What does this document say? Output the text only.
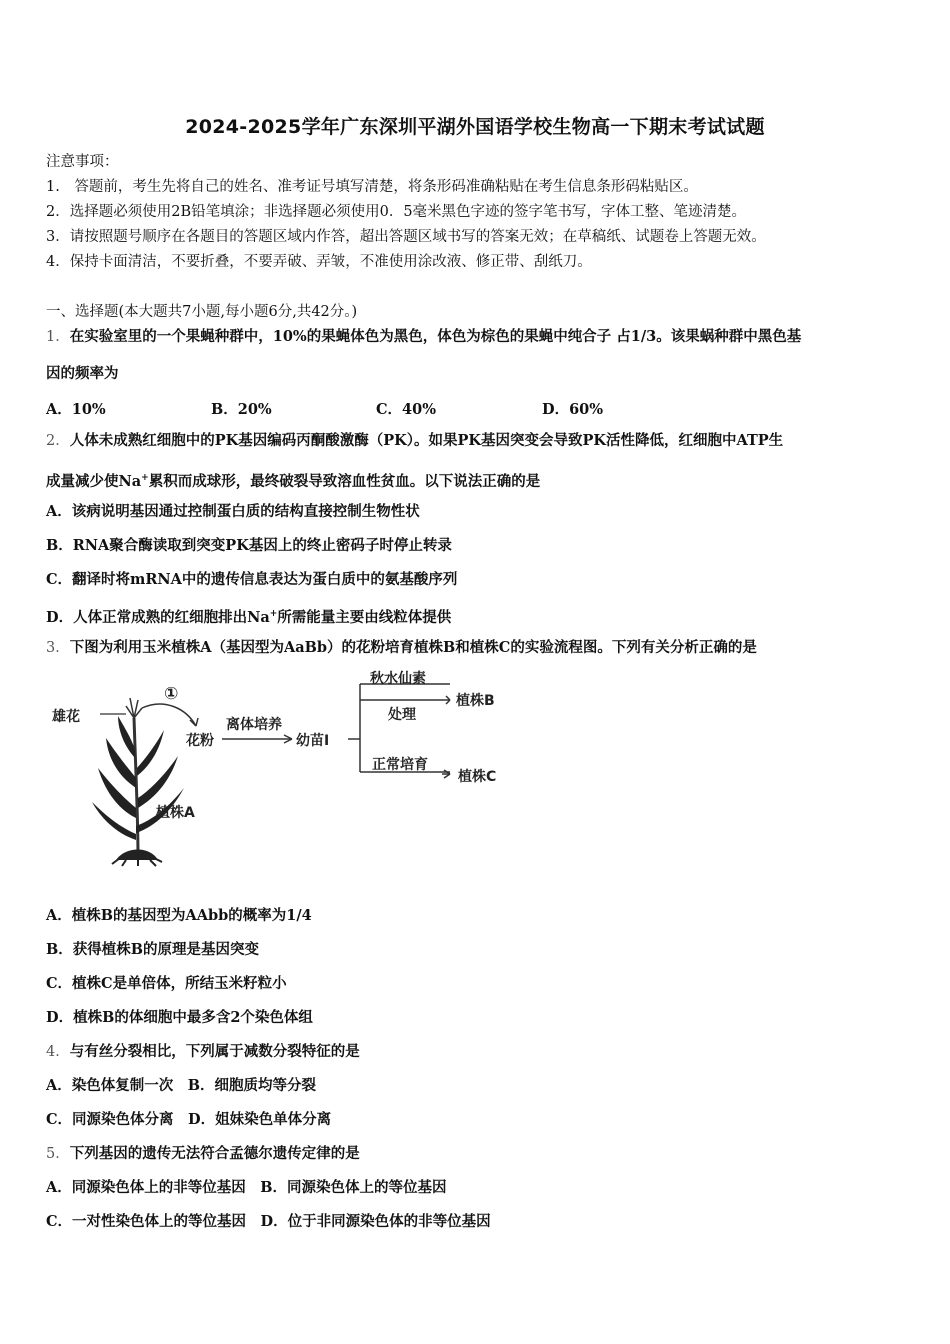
2024-2025学年广东深圳平湖外国语学校生物高一下期末考试试题
注意事项：
1.　答题前，考生先将自己的姓名、准考证号填写清楚，将条形码准确粘贴在考生信息条形码粘贴区。
2．选择题必须使用2B铅笔填涂；非选择题必须使用0．5毫米黑色字迹的签字笔书写，字体工整、笔迹清楚。
3．请按照题号顺序在各题目的答题区域内作答，超出答题区域书写的答案无效；在草稿纸、试题卷上答题无效。
4．保持卡面清洁，不要折叠，不要弄破、弄皱，不准使用涂改液、修正带、刮纸刀。
一、选择题(本大题共7小题,每小题6分,共42分。)
1．在实验室里的一个果蝇种群中，10%的果蝇体色为黑色，体色为棕色的果蝇中纯合子 占1/3。该果蜗种群中黑色基
因的频率为
A．10%	B．20%	C．40%	D．60%
2．人体未成熟红细胞中的PK基因编码丙酮酸激酶（PK）。如果PK基因突变会导致PK活性降低，红细胞中ATP生
成量减少使Na+累积而成球形，最终破裂导致溶血性贫血。以下说法正确的是
A．该病说明基因通过控制蛋白质的结构直接控制生物性状
B．RNA聚合酶读取到突变PK基因上的终止密码子时停止转录
C．翻译时将mRNA中的遗传信息表达为蛋白质中的氨基酸序列
D．人体正常成熟的红细胞排出Na+所需能量主要由线粒体提供
3．下图为利用玉米植株A（基因型为AaBb）的花粉培育植株B和植株C的实验流程图。下列有关分析正确的是
雄花
①
花粉
离体培养
幼苗Ⅰ
秋水仙素
处理
植株B
正常培育
植株C
植株A
A．植株B的基因型为AAbb的概率为1/4
B．获得植株B的原理是基因突变
C．植株C是单倍体，所结玉米籽粒小
D．植株B的体细胞中最多含2个染色体组
4．与有丝分裂相比，下列属于减数分裂特征的是
A．染色体复制一次　B．细胞质均等分裂
C．同源染色体分离　D．姐妹染色单体分离
5．下列基因的遗传无法符合孟德尔遗传定律的是
A．同源染色体上的非等位基因　B．同源染色体上的等位基因
C．一对性染色体上的等位基因　D．位于非同源染色体的非等位基因
